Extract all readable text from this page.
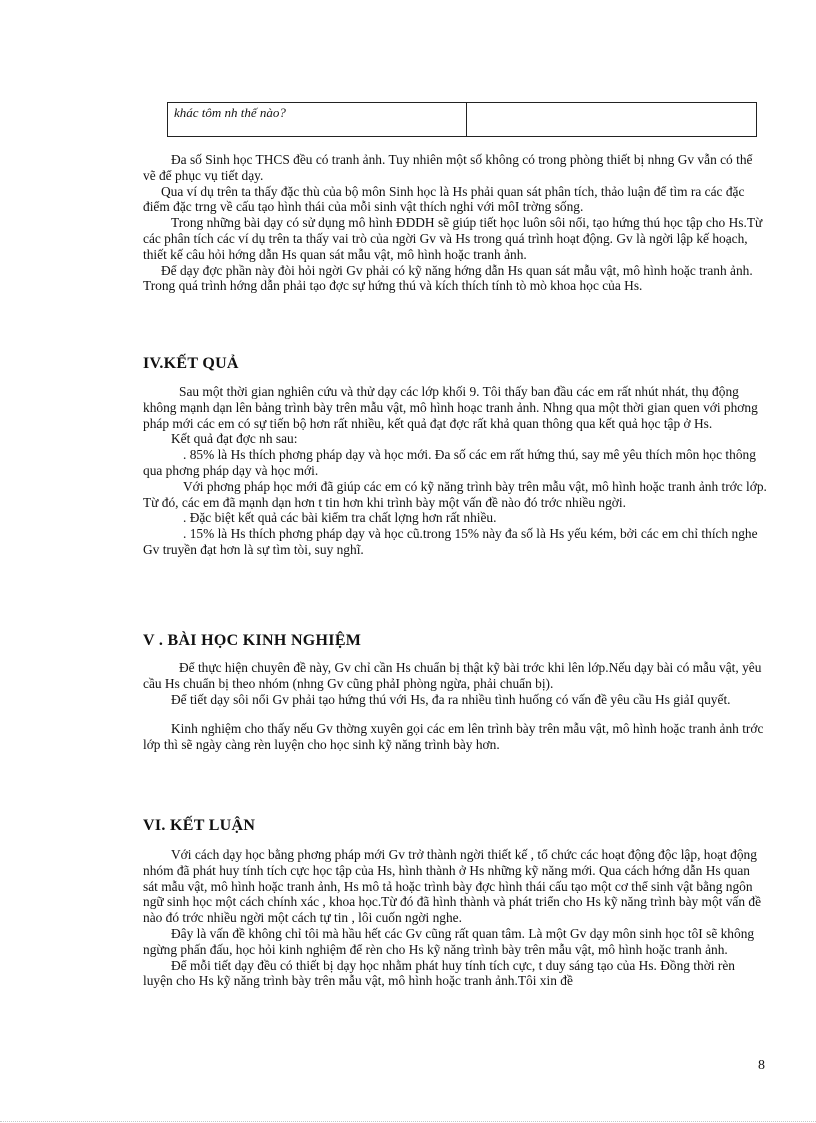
khác tôm nh thế nào?	

Đa số Sinh học THCS đều có tranh ảnh. Tuy nhiên một số không có trong phòng thiết bị nhng Gv vẫn có thể vẽ để phục vụ tiết dạy.

Qua ví dụ trên ta thấy đặc thù của bộ môn Sinh học là Hs phải quan sát phân tích, thảo luận để tìm ra các đặc điểm đặc trng về cấu tạo hình thái của mỗi sinh vật thích nghi với môI trờng sống.

Trong những bài dạy có sử dụng mô hình ĐDDH sẽ giúp tiết học luôn sôi nổi, tạo hứng thú học tập cho Hs.Từ các phân tích các ví dụ trên ta thấy vai trò của ngời Gv và Hs trong quá trình hoạt động. Gv là ngời lập kế hoạch, thiết kế câu hỏi hớng dẫn Hs quan sát mẫu vật, mô hình hoặc tranh ảnh.

Để dạy đợc phần này đòi hỏi ngời Gv phải có kỹ năng hớng dẫn Hs quan sát mẫu vật, mô hình hoặc tranh ảnh. Trong quá trình hớng dẫn phải tạo đợc sự hứng thú và kích thích tính tò mò khoa học của Hs.

IV.KẾT QUẢ

Sau một thời gian nghiên cứu và thử dạy các lớp khối 9. Tôi thấy ban đầu các em rất nhút nhát, thụ động không mạnh dạn lên bảng trình bày trên mẫu vật, mô hình hoạc tranh ảnh. Nhng qua một thời gian quen với phơng pháp mới các em có sự tiến bộ hơn rất nhiều, kết quả đạt đợc rất khả quan thông qua kết quả học tập ở Hs.

Kết quả đạt đợc nh sau:

. 85% là Hs thích phơng pháp dạy và học mới. Đa số các em rất hứng thú, say mê yêu thích môn học thông qua phơng pháp dạy và học mới.

Với phơng pháp học mới đã giúp các em có kỹ năng trình bày trên mẫu vật, mô hình hoặc tranh ảnh trớc lớp. Từ đó, các em đã mạnh dạn hơn t tin hơn khi trình bày một vấn đề nào đó trớc nhiều ngời.

. Đặc biệt kết quả các bài kiểm tra chất lợng hơn rất nhiều.

. 15% là Hs thích phơng pháp dạy và học cũ.trong 15% này đa số là Hs yếu kém, bởi các em chỉ thích nghe Gv truyền đạt hơn là sự tìm tòi, suy nghĩ.

V . BÀI HỌC KINH NGHIỆM

Để thực hiện chuyên đề này, Gv chỉ cần Hs chuẩn bị thật kỹ bài trớc khi lên lớp.Nếu dạy bài có mẫu vật, yêu cầu Hs chuẩn bị theo nhóm (nhng Gv cũng phảI phòng ngừa, phải chuẩn bị).

Để tiết dạy sôi nổi Gv phải tạo hứng thú với Hs, đa ra nhiều tình huống có vấn đề yêu cầu Hs giảI quyết.

Kinh nghiệm cho thấy nếu Gv thờng xuyên gọi các em lên trình bày trên mẫu vật, mô hình hoặc tranh ảnh trớc lớp thì sẽ ngày càng rèn luyện cho học sinh kỹ năng trình bày hơn.

VI. KẾT LUẬN

Với cách dạy học bằng phơng pháp mới Gv trở thành ngời thiết kế , tổ chức các hoạt động độc lập, hoạt động nhóm đã phát huy tính tích cực học tập của Hs, hình thành ở Hs những kỹ năng mới. Qua cách hớng dẫn Hs quan sát mẫu vật, mô hình hoặc tranh ảnh, Hs mô tả hoặc trình bày đợc hình thái cấu tạo một cơ thể sinh vật bằng ngôn ngữ sinh học một cách chính xác , khoa học.Từ đó đã hình thành và phát triển cho Hs kỹ năng trình bày một vấn đề nào đó trớc nhiều ngời một cách tự tin , lôi cuốn ngời nghe.

Đây là vấn đề không chỉ tôi mà hầu hết các Gv cũng rất quan tâm. Là một Gv dạy môn sinh học tôI sẽ không ngừng phấn đấu, học hỏi kinh nghiệm để rèn cho Hs kỹ năng trình bày trên mẫu vật, mô hình hoặc tranh ảnh.

Để mỗi tiết dạy đều có thiết bị dạy học nhằm phát huy tính tích cực, t duy sáng tạo của Hs. Đồng thời rèn luyện cho Hs kỹ năng trình bày trên mẫu vật, mô hình hoặc tranh ảnh.Tôi xin đề

8
